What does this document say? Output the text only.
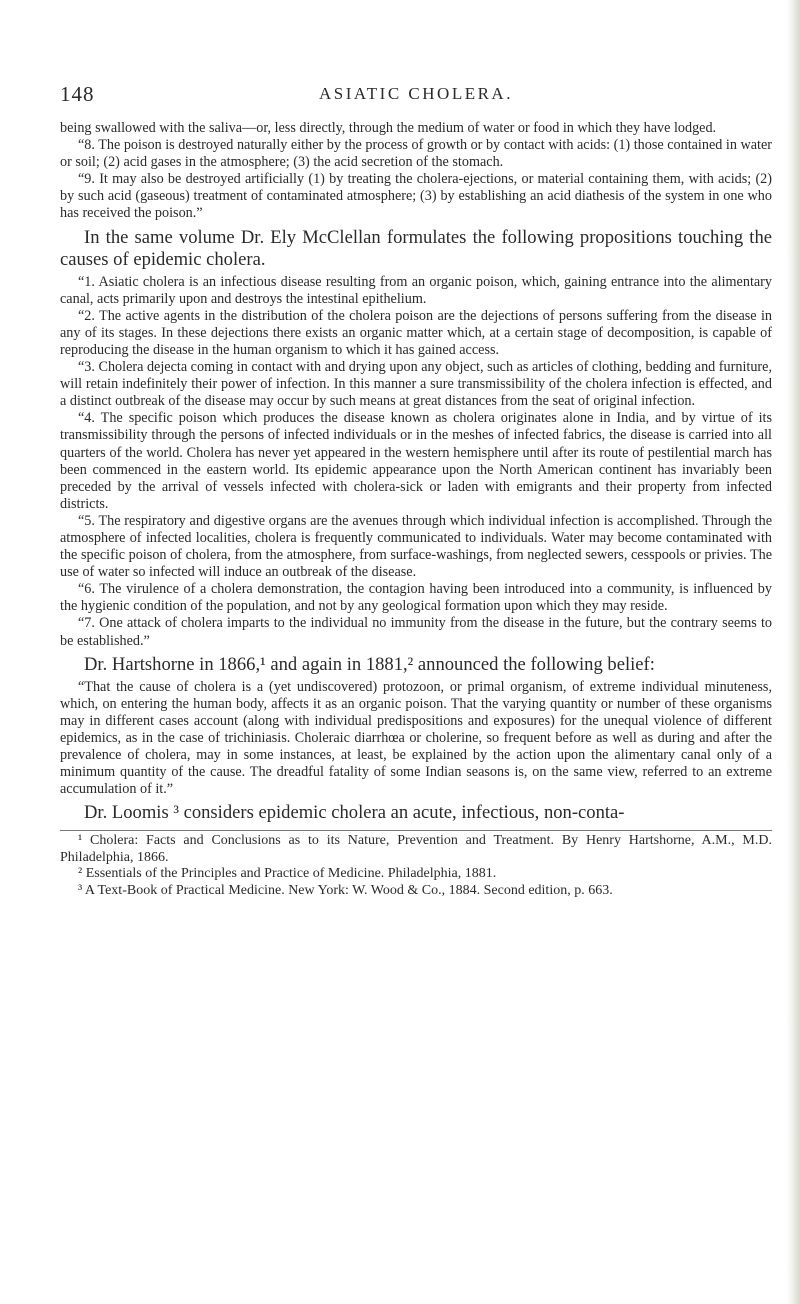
148	ASIATIC CHOLERA.

being swallowed with the saliva—or, less directly, through the medium of water or food in which they have lodged.

“8. The poison is destroyed naturally either by the process of growth or by contact with acids: (1) those contained in water or soil; (2) acid gases in the atmosphere; (3) the acid secretion of the stomach.

“9. It may also be destroyed artificially (1) by treating the cholera-ejections, or material containing them, with acids; (2) by such acid (gaseous) treatment of contaminated atmosphere; (3) by establishing an acid diathesis of the system in one who has received the poison.”

In the same volume Dr. Ely McClellan formulates the following propositions touching the causes of epidemic cholera.

“1. Asiatic cholera is an infectious disease resulting from an organic poison, which, gaining entrance into the alimentary canal, acts primarily upon and destroys the intestinal epithelium.

“2. The active agents in the distribution of the cholera poison are the dejections of persons suffering from the disease in any of its stages. In these dejections there exists an organic matter which, at a certain stage of decomposition, is capable of reproducing the disease in the human organism to which it has gained access.

“3. Cholera dejecta coming in contact with and drying upon any object, such as articles of clothing, bedding and furniture, will retain indefinitely their power of infection. In this manner a sure transmissibility of the cholera infection is effected, and a distinct outbreak of the disease may occur by such means at great distances from the seat of original infection.

“4. The specific poison which produces the disease known as cholera originates alone in India, and by virtue of its transmissibility through the persons of infected individuals or in the meshes of infected fabrics, the disease is carried into all quarters of the world. Cholera has never yet appeared in the western hemisphere until after its route of pestilential march has been commenced in the eastern world. Its epidemic appearance upon the North American continent has invariably been preceded by the arrival of vessels infected with cholera-sick or laden with emigrants and their property from infected districts.

“5. The respiratory and digestive organs are the avenues through which individual infection is accomplished. Through the atmosphere of infected localities, cholera is frequently communicated to individuals. Water may become contaminated with the specific poison of cholera, from the atmosphere, from surface-washings, from neglected sewers, cesspools or privies. The use of water so infected will induce an outbreak of the disease.

“6. The virulence of a cholera demonstration, the contagion having been introduced into a community, is influenced by the hygienic condition of the population, and not by any geological formation upon which they may reside.

“7. One attack of cholera imparts to the individual no immunity from the disease in the future, but the contrary seems to be established.”

Dr. Hartshorne in 1866,¹ and again in 1881,² announced the following belief:

“That the cause of cholera is a (yet undiscovered) protozoon, or primal organism, of extreme individual minuteness, which, on entering the human body, affects it as an organic poison. That the varying quantity or number of these organisms may in different cases account (along with individual predispositions and exposures) for the unequal violence of different epidemics, as in the case of trichiniasis. Choleraic diarrhœa or cholerine, so frequent before as well as during and after the prevalence of cholera, may in some instances, at least, be explained by the action upon the alimentary canal only of a minimum quantity of the cause. The dreadful fatality of some Indian seasons is, on the same view, referred to an extreme accumulation of it.”

Dr. Loomis ³ considers epidemic cholera an acute, infectious, non-conta-

¹ Cholera: Facts and Conclusions as to its Nature, Prevention and Treatment. By Henry Hartshorne, A.M., M.D. Philadelphia, 1866.

² Essentials of the Principles and Practice of Medicine. Philadelphia, 1881.

³ A Text-Book of Practical Medicine. New York: W. Wood & Co., 1884. Second edition, p. 663.
